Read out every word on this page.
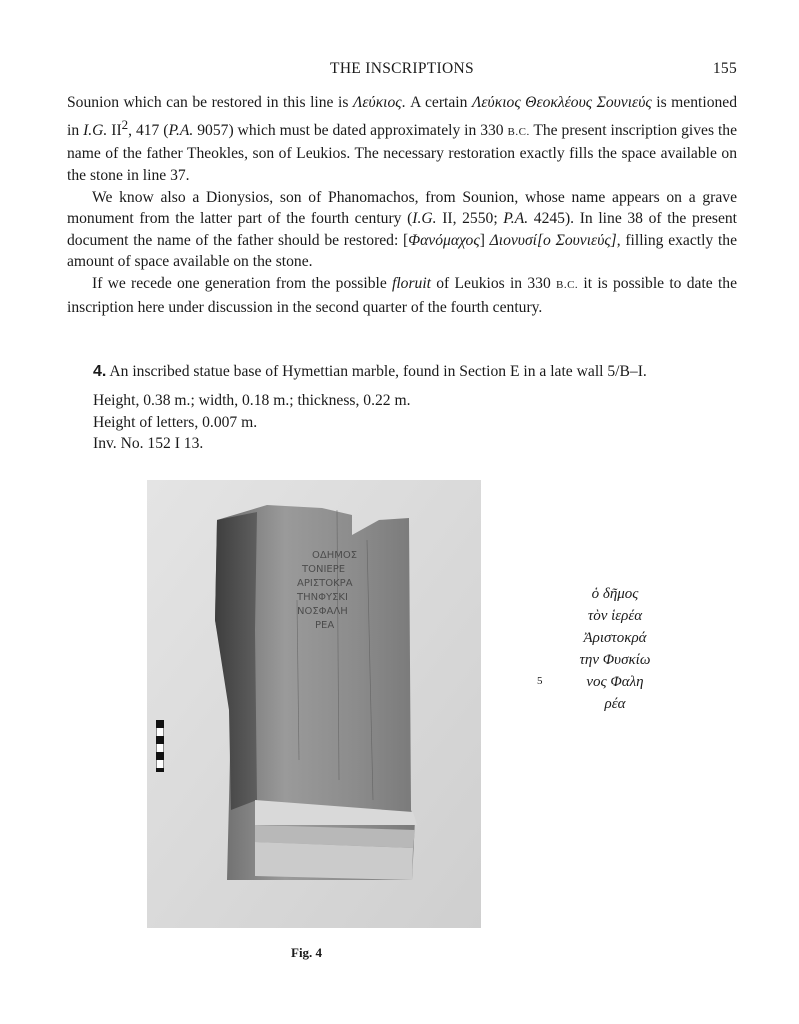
THE INSCRIPTIONS	155

Sounion which can be restored in this line is Λεύκιος. A certain Λεύκιος Θεοκλέους Σουνιεύς is mentioned in I.G. $II^2$, 417 (P.A. 9057) which must be dated approximately in 330 B.C. The present inscription gives the name of the father Theokles, son of Leukios. The necessary restoration exactly fills the space available on the stone in line 37.

We know also a Dionysios, son of Phanomachos, from Sounion, whose name appears on a grave monument from the latter part of the fourth century (I.G. II, 2550; P.A. 4245). In line 38 of the present document the name of the father should be restored: [Φανόμαχος] Διονυσί[ο Σουνιεύς], filling exactly the amount of space available on the stone.

If we recede one generation from the possible floruit of Leukios in 330 B.C. it is possible to date the inscription here under discussion in the second quarter of the fourth century.

4. An inscribed statue base of Hymettian marble, found in Section E in a late wall 5/B–I.
Height, 0.38 m.; width, 0.18 m.; thickness, 0.22 m.
Height of letters, 0.007 m.
Inv. No. 152 I 13.
ΟΔΗΜΟΣ
ΤΟΝΙΕΡΕ
ΑΡΙΣΤΟΚΡΑ
ΤΗΝΦΥΣΚΙ
ΝΟΣΦΑΛΗ
ΡΕΑ
Fig. 4
5
ὁ δῆμος
τὸν ἱερέα
Ἀριστοκρά
την Φυσκίω
νος Φαλη
ρέα
